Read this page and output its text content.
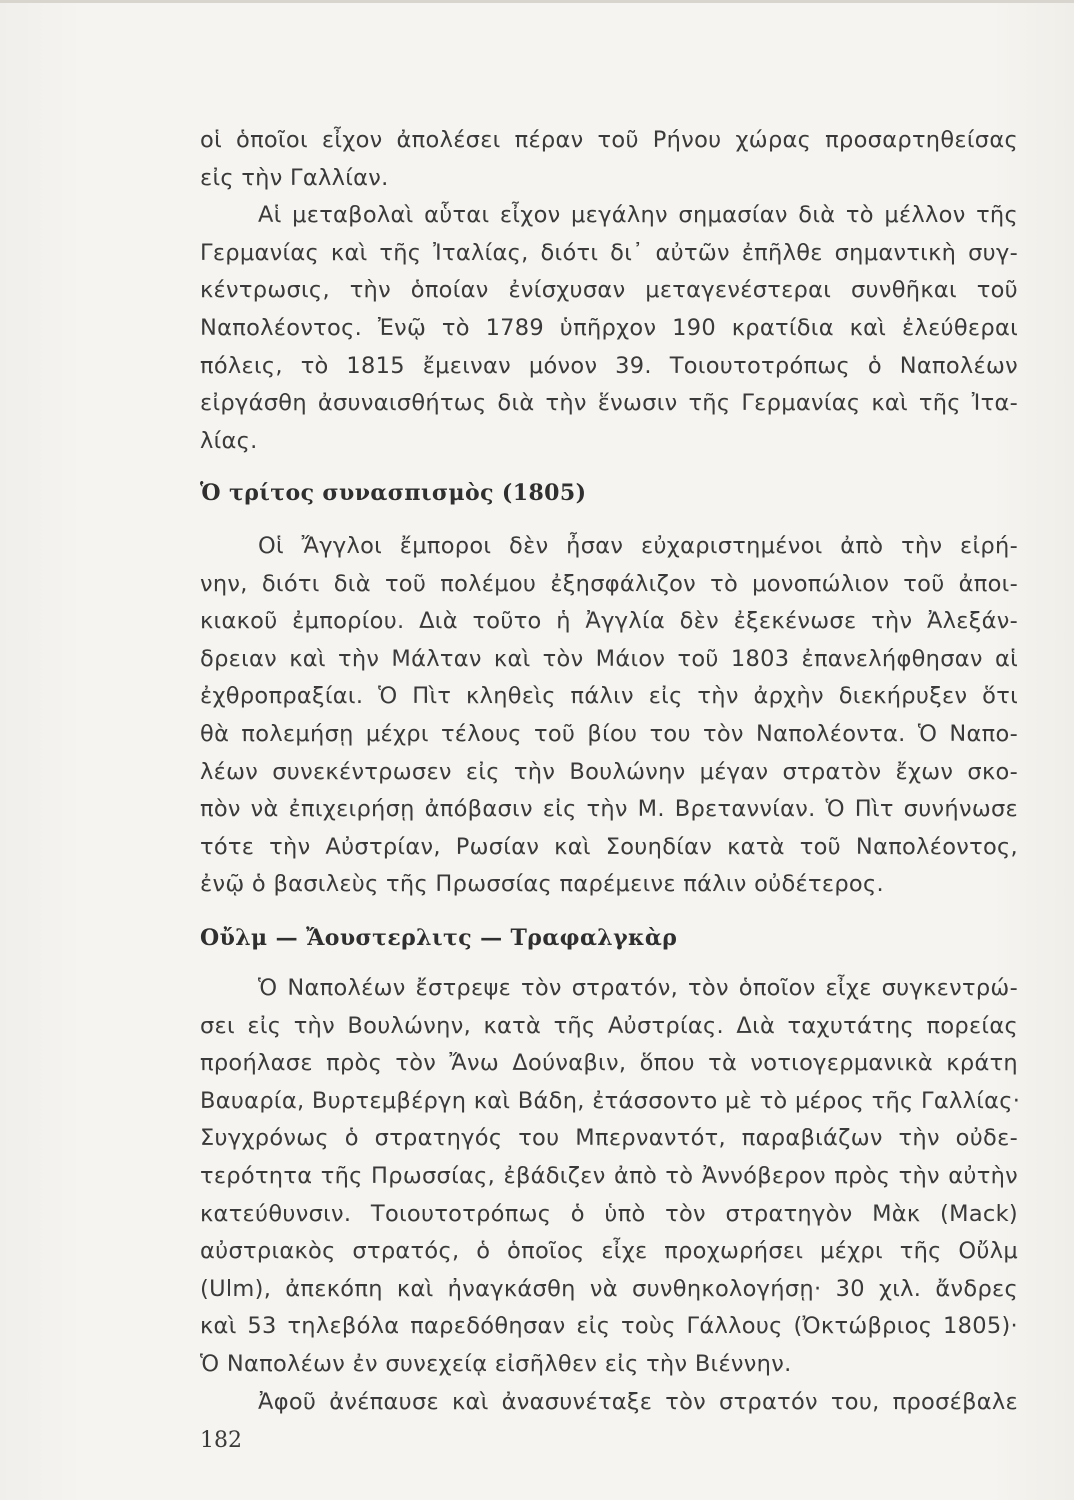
οἱ ὁποῖοι εἶχον ἀπολέσει πέραν τοῦ Ρήνου χώρας προσαρτηθείσας
εἰς τὴν Γαλλίαν.
Αἱ μεταβολαὶ αὗται εἶχον μεγάλην σημασίαν διὰ τὸ μέλλον τῆς
Γερμανίας καὶ τῆς Ἰταλίας, διότι δι᾿ αὐτῶν ἐπῆλθε σημαντικὴ συγ-
κέντρωσις, τὴν ὁποίαν ἐνίσχυσαν μεταγενέστεραι συνθῆκαι τοῦ
Ναπολέοντος. Ἐνῷ τὸ 1789 ὑπῆρχον 190 κρατίδια καὶ ἐλεύθεραι
πόλεις, τὸ 1815 ἔμειναν μόνον 39. Τοιουτοτρόπως ὁ Ναπολέων
εἰργάσθη ἀσυναισθήτως διὰ τὴν ἕνωσιν τῆς Γερμανίας καὶ τῆς Ἰτα-
λίας.
Ὁ τρίτος συνασπισμὸς (1805)
Οἱ Ἄγγλοι ἔμποροι δὲν ἦσαν εὐχαριστημένοι ἀπὸ τὴν εἰρή-
νην, διότι διὰ τοῦ πολέμου ἐξησφάλιζον τὸ μονοπώλιον τοῦ ἀποι-
κιακοῦ ἐμπορίου. Διὰ τοῦτο ἡ Ἀγγλία δὲν ἐξεκένωσε τὴν Ἀλεξάν-
δρειαν καὶ τὴν Μάλταν καὶ τὸν Μάιον τοῦ 1803 ἐπανελήφθησαν αἱ
ἐχθροπραξίαι. Ὁ Πὶτ κληθεὶς πάλιν εἰς τὴν ἀρχὴν διεκήρυξεν ὅτι
θὰ πολεμήσῃ μέχρι τέλους τοῦ βίου του τὸν Ναπολέοντα. Ὁ Ναπο-
λέων συνεκέντρωσεν εἰς τὴν Βουλώνην μέγαν στρατὸν ἔχων σκο-
πὸν νὰ ἐπιχειρήσῃ ἀπόβασιν εἰς τὴν Μ. Βρεταννίαν. Ὁ Πὶτ συνήνωσε
τότε τὴν Αὐστρίαν, Ρωσίαν καὶ Σουηδίαν κατὰ τοῦ Ναπολέοντος,
ἐνῷ ὁ βασιλεὺς τῆς Πρωσσίας παρέμεινε πάλιν οὐδέτερος.
Οὔλμ — Ἄουστερλιτς — Τραφαλγκὰρ
Ὁ Ναπολέων ἔστρεψε τὸν στρατόν, τὸν ὁποῖον εἶχε συγκεντρώ-
σει εἰς τὴν Βουλώνην, κατὰ τῆς Αὐστρίας. Διὰ ταχυτάτης πορείας
προήλασε πρὸς τὸν Ἄνω Δούναβιν, ὅπου τὰ νοτιογερμανικὰ κράτη
Βαυαρία, Βυρτεμβέργη καὶ Βάδη, ἐτάσσοντο μὲ τὸ μέρος τῆς Γαλλίας·
Συγχρόνως ὁ στρατηγός του Μπερναντότ, παραβιάζων τὴν οὐδε-
τερότητα τῆς Πρωσσίας, ἐβάδιζεν ἀπὸ τὸ Ἀννόβερον πρὸς τὴν αὐτὴν
κατεύθυνσιν. Τοιουτοτρόπως ὁ ὑπὸ τὸν στρατηγὸν Μὰκ (Mack)
αὐστριακὸς στρατός, ὁ ὁποῖος εἶχε προχωρήσει μέχρι τῆς Οὔλμ
(Ulm), ἀπεκόπη καὶ ἠναγκάσθη νὰ συνθηκολογήσῃ· 30 χιλ. ἄνδρες
καὶ 53 τηλεβόλα παρεδόθησαν εἰς τοὺς Γάλλους (Ὀκτώβριος 1805)·
Ὁ Ναπολέων ἐν συνεχείᾳ εἰσῆλθεν εἰς τὴν Βιέννην.
Ἀφοῦ ἀνέπαυσε καὶ ἀνασυνέταξε τὸν στρατόν του, προσέβαλε
182
